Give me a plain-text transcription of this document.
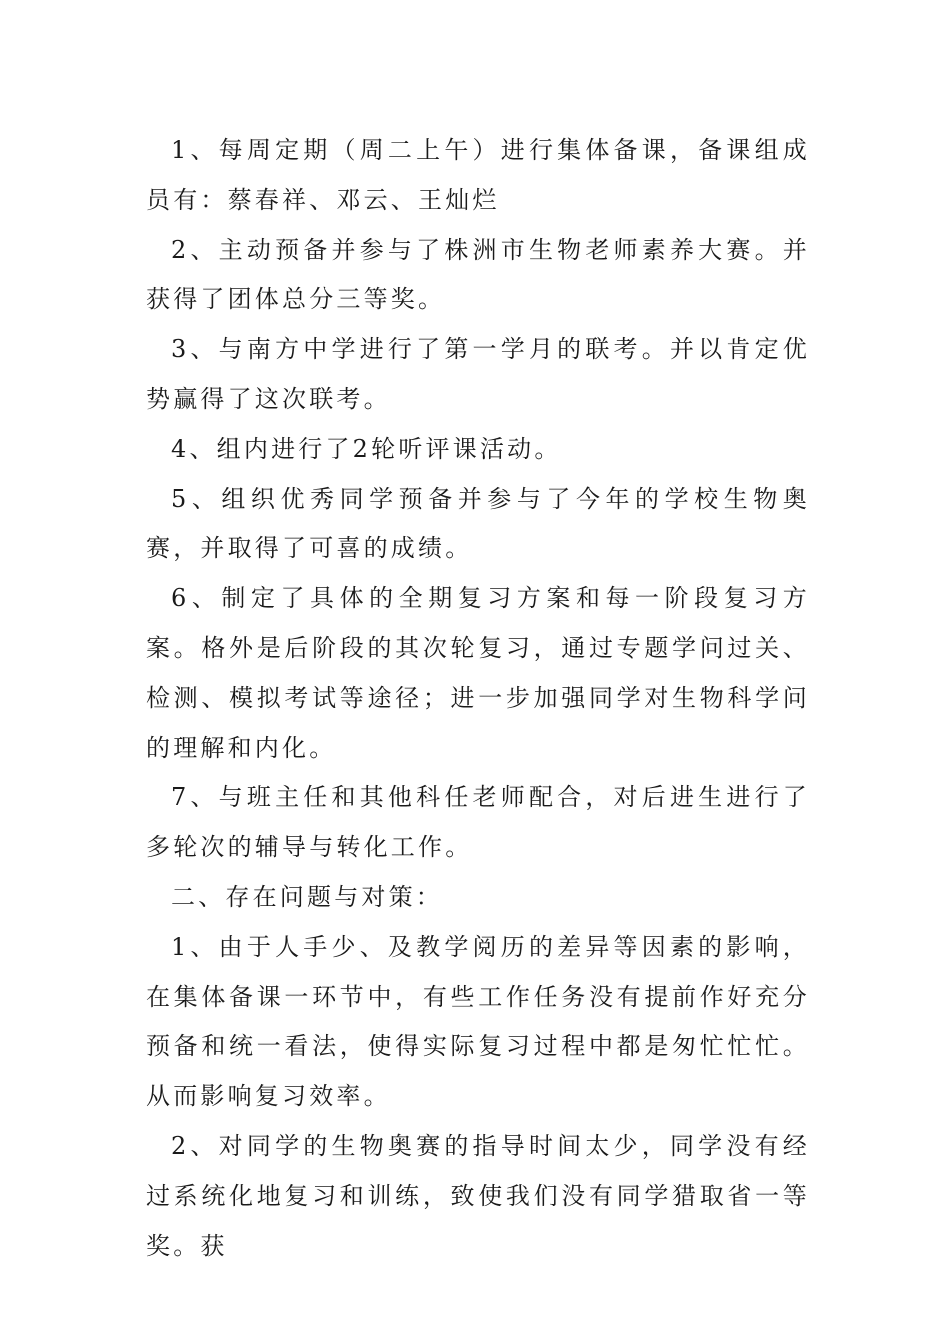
1、每周定期（周二上午）进行集体备课，备课组成员有：蔡春祥、邓云、王灿烂

2、主动预备并参与了株洲市生物老师素养大赛。并获得了团体总分三等奖。

3、与南方中学进行了第一学月的联考。并以肯定优势赢得了这次联考。

4、组内进行了2轮听评课活动。

5、组织优秀同学预备并参与了今年的学校生物奥赛，并取得了可喜的成绩。

6、制定了具体的全期复习方案和每一阶段复习方案。格外是后阶段的其次轮复习，通过专题学问过关、检测、模拟考试等途径；进一步加强同学对生物科学问的理解和内化。

7、与班主任和其他科任老师配合，对后进生进行了多轮次的辅导与转化工作。

二、存在问题与对策：

1、由于人手少、及教学阅历的差异等因素的影响，在集体备课一环节中，有些工作任务没有提前作好充分预备和统一看法，使得实际复习过程中都是匆忙忙忙。从而影响复习效率。

2、对同学的生物奥赛的指导时间太少，同学没有经过系统化地复习和训练，致使我们没有同学猎取省一等奖。获
